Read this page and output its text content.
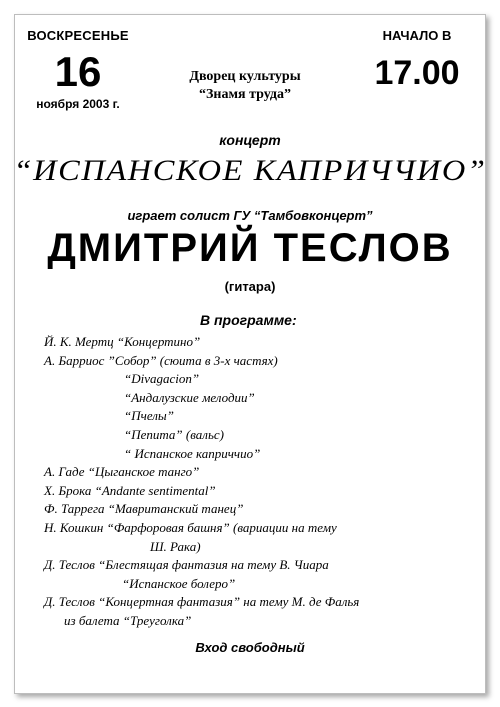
ВОСКРЕСЕНЬЕ
16
ноября 2003 г.
Дворец культуры
“Знамя труда”
НАЧАЛО В
17.00
концерт
“ИСПАНСКОЕ КАПРИЧЧИО”
играет солист ГУ “Тамбовконцерт”
ДМИТРИЙ ТЕСЛОВ
(гитара)
В программе:
Й. К. Мертц “Концертино”
А. Барриос ”Собор” (сюита в 3-х частях)
“Divagacion”
“Андалузские мелодии”
“Пчелы”
“Пепита” (вальс)
“ Испанское каприччио”
А. Гаде “Цыганское танго”
Х. Брока “Andante sentimental”
Ф. Таррега “Мавританский танец”
Н. Кошкин “Фарфоровая башня” (вариации на тему
Ш. Рака)
Д. Теслов “Блестящая фантазия на тему В. Чиара
“Испанское болеро”
Д. Теслов “Концертная фантазия” на тему М. де Фалья
из балета “Треуголка”
Вход свободный
